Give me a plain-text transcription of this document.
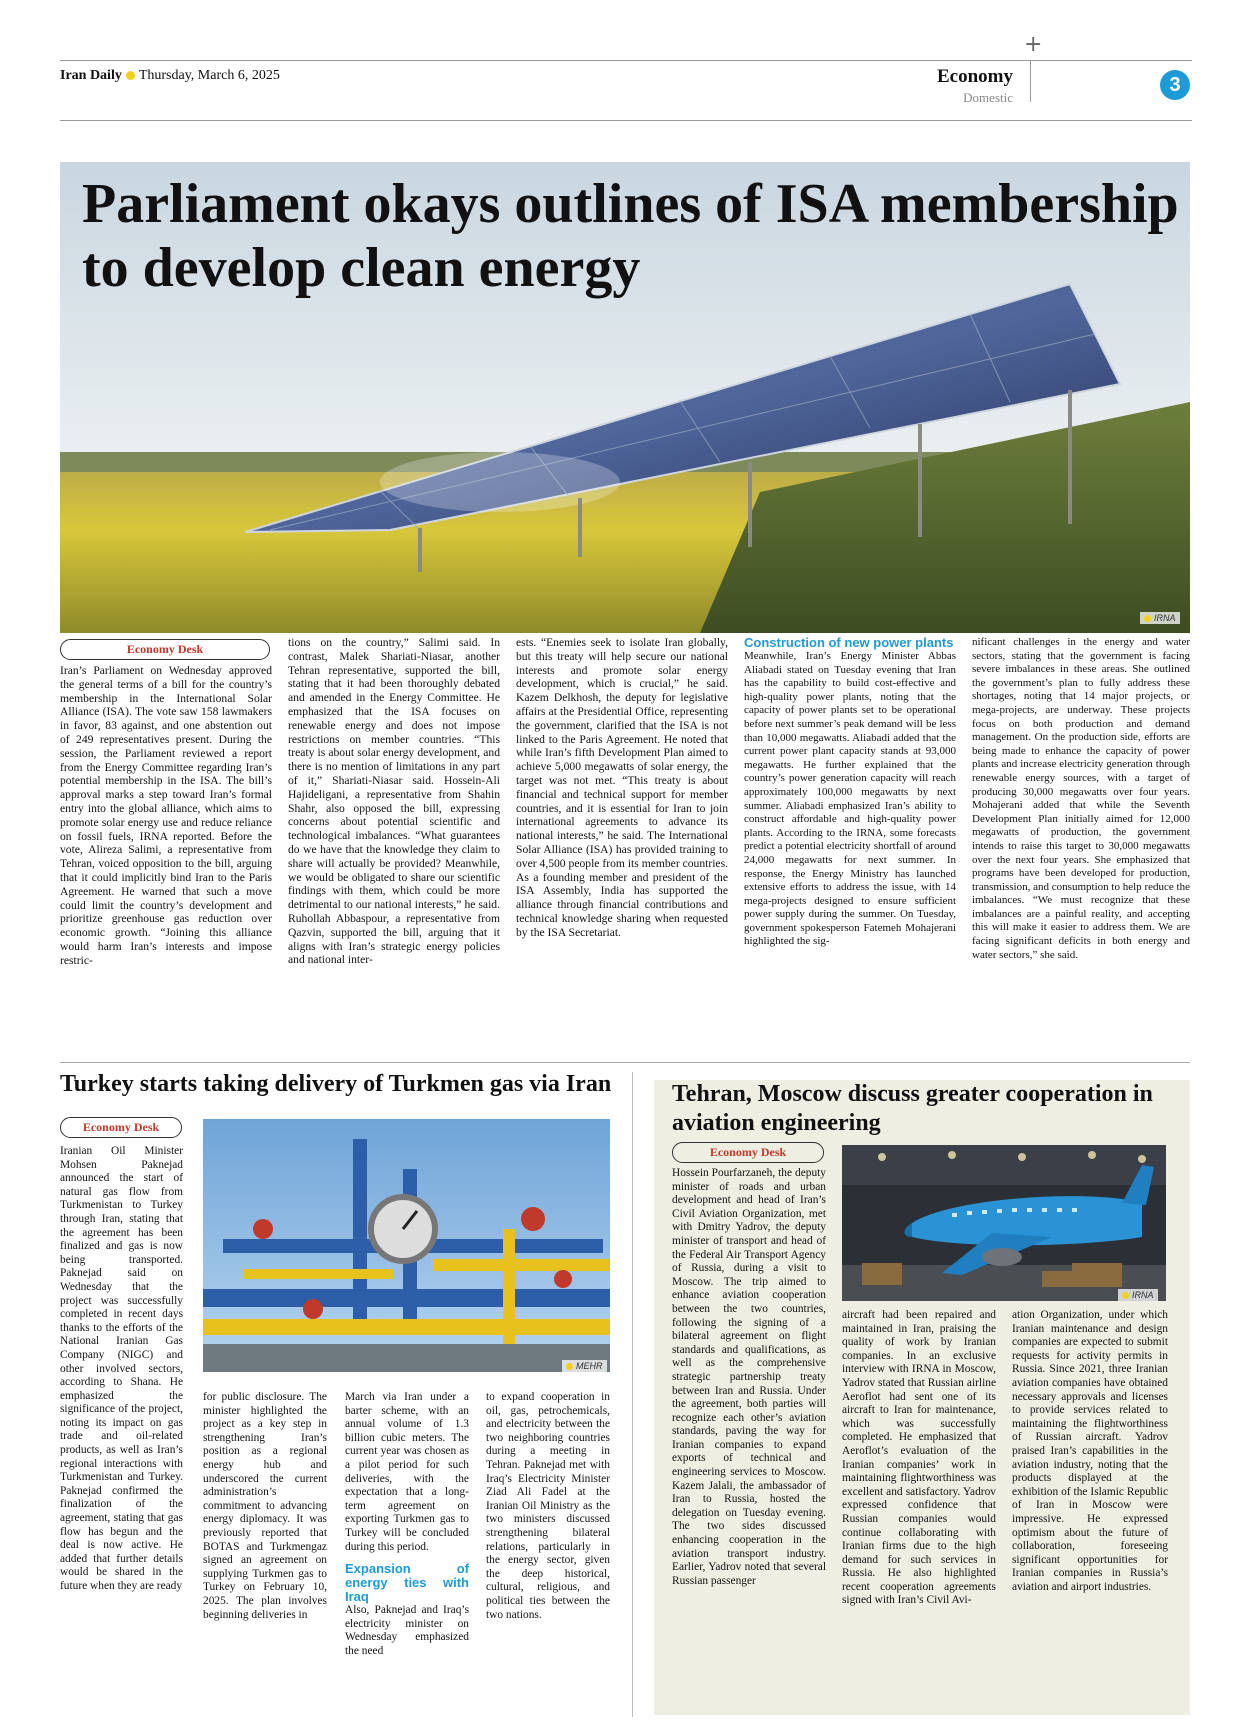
+
Iran Daily Thursday, March 6, 2025	Economy
Domestic
3
Parliament okays outlines of ISA membership to develop clean energy
IRNA
Economy Desk
Iran’s Parliament on Wednesday approved the general terms of a bill for the country’s membership in the International Solar Alliance (ISA). The vote saw 158 lawmakers in favor, 83 against, and one abstention out of 249 representatives present. During the session, the Parliament reviewed a report from the Energy Committee regarding Iran’s potential membership in the ISA. The bill’s approval marks a step toward Iran’s formal entry into the global alliance, which aims to promote solar energy use and reduce reliance on fossil fuels, IRNA reported. Before the vote, Alireza Salimi, a representative from Tehran, voiced opposition to the bill, arguing that it could implicitly bind Iran to the Paris Agreement. He warned that such a move could limit the country’s development and prioritize greenhouse gas reduction over economic growth. “Joining this alliance would harm Iran’s interests and impose restric-
tions on the country,” Salimi said. In contrast, Malek Shariati-Niasar, another Tehran representative, supported the bill, stating that it had been thoroughly debated and amended in the Energy Committee. He emphasized that the ISA focuses on renewable energy and does not impose restrictions on member countries. “This treaty is about solar energy development, and there is no mention of limitations in any part of it,” Shariati-Niasar said. Hossein-Ali Hajideligani, a representative from Shahin Shahr, also opposed the bill, expressing concerns about potential scientific and technological imbalances. “What guarantees do we have that the knowledge they claim to share will actually be provided? Meanwhile, we would be obligated to share our scientific findings with them, which could be more detrimental to our national interests,” he said. Ruhollah Abbaspour, a representative from Qazvin, supported the bill, arguing that it aligns with Iran’s strategic energy policies and national inter-
ests. “Enemies seek to isolate Iran globally, but this treaty will help secure our national interests and promote solar energy development, which is crucial,” he said. Kazem Delkhosh, the deputy for legislative affairs at the Presidential Office, representing the government, clarified that the ISA is not linked to the Paris Agreement. He noted that while Iran’s fifth Development Plan aimed to achieve 5,000 megawatts of solar energy, the target was not met. “This treaty is about financial and technical support for member countries, and it is essential for Iran to join international agreements to advance its national interests,” he said. The International Solar Alliance (ISA) has provided training to over 4,500 people from its member countries. As a founding member and president of the ISA Assembly, India has supported the alliance through financial contributions and technical knowledge sharing when requested by the ISA Secretariat.

Construction of new power plants

Meanwhile, Iran’s Energy Minister Abbas Aliabadi stated on Tuesday evening that Iran has the capability to build cost-effective and high-quality power plants, noting that the capacity of power plants set to be operational before next summer’s peak demand will be less than 10,000 megawatts. Aliabadi added that the current power plant capacity stands at 93,000 megawatts. He further explained that the country’s power generation capacity will reach approximately 100,000 megawatts by next summer. Aliabadi emphasized Iran’s ability to construct affordable and high-quality power plants. According to the IRNA, some forecasts predict a potential electricity shortfall of around 24,000 megawatts for next summer. In response, the Energy Ministry has launched extensive efforts to address the issue, with 14 mega-projects designed to ensure sufficient power supply during the summer. On Tuesday, government spokesperson Fatemeh Mohajerani highlighted the sig-

nificant challenges in the energy and water sectors, stating that the government is facing severe imbalances in these areas. She outlined the government’s plan to fully address these shortages, noting that 14 major projects, or mega-projects, are underway. These projects focus on both production and demand management. On the production side, efforts are being made to enhance the capacity of power plants and increase electricity generation through renewable energy sources, with a target of producing 30,000 megawatts over four years. Mohajerani added that while the Seventh Development Plan initially aimed for 12,000 megawatts of production, the government intends to raise this target to 30,000 megawatts over the next four years. She emphasized that programs have been developed for production, transmission, and consumption to help reduce the imbalances. “We must recognize that these imbalances are a painful reality, and accepting this will make it easier to address them. We are facing significant deficits in both energy and water sectors,” she said.
Turkey starts taking delivery of Turkmen gas via Iran
Economy Desk
MEHR
Iranian Oil Minister Mohsen Paknejad announced the start of natural gas flow from Turkmenistan to Turkey through Iran, stating that the agreement has been finalized and gas is now being transported. Paknejad said on Wednesday that the project was successfully completed in recent days thanks to the efforts of the National Iranian Gas Company (NIGC) and other involved sectors, according to Shana. He emphasized the significance of the project, noting its impact on gas trade and oil-related products, as well as Iran’s regional interactions with Turkmenistan and Turkey. Paknejad confirmed the finalization of the agreement, stating that gas flow has begun and the deal is now active. He added that further details would be shared in the future when they are ready
for public disclosure. The minister highlighted the project as a key step in strengthening Iran’s position as a regional energy hub and underscored the current administration’s commitment to advancing energy diplomacy. It was previously reported that BOTAS and Turkmengaz signed an agreement on supplying Turkmen gas to Turkey on February 10, 2025. The plan involves beginning deliveries in

March via Iran under a barter scheme, with an annual volume of 1.3 billion cubic meters. The current year was chosen as a pilot period for such deliveries, with the expectation that a long-term agreement on exporting Turkmen gas to Turkey will be concluded during this period.

Expansion of energy ties with Iraq

Also, Paknejad and Iraq’s electricity minister on Wednesday emphasized the need

to expand cooperation in oil, gas, petrochemicals, and electricity between the two neighboring countries during a meeting in Tehran. Paknejad met with Iraq’s Electricity Minister Ziad Ali Fadel at the Iranian Oil Ministry as the two ministers discussed strengthening bilateral relations, particularly in the energy sector, given the deep historical, cultural, religious, and political ties between the two nations.
Tehran, Moscow discuss greater cooperation in aviation engineering
Economy Desk
IRNA
Hossein Pourfarzaneh, the deputy minister of roads and urban development and head of Iran’s Civil Aviation Organization, met with Dmitry Yadrov, the deputy minister of transport and head of the Federal Air Transport Agency of Russia, during a visit to Moscow. The trip aimed to enhance aviation cooperation between the two countries, following the signing of a bilateral agreement on flight standards and qualifications, as well as the comprehensive strategic partnership treaty between Iran and Russia. Under the agreement, both parties will recognize each other’s aviation standards, paving the way for Iranian companies to expand exports of technical and engineering services to Moscow. Kazem Jalali, the ambassador of Iran to Russia, hosted the delegation on Tuesday evening. The two sides discussed enhancing cooperation in the aviation transport industry. Earlier, Yadrov noted that several Russian passenger
aircraft had been repaired and maintained in Iran, praising the quality of work by Iranian companies. In an exclusive interview with IRNA in Moscow, Yadrov stated that Russian airline Aeroflot had sent one of its aircraft to Iran for maintenance, which was successfully completed. He emphasized that Aeroflot’s evaluation of the Iranian companies’ work in maintaining flightworthiness was excellent and satisfactory. Yadrov expressed confidence that Russian companies would continue collaborating with Iranian firms due to the high demand for such services in Russia. He also highlighted recent cooperation agreements signed with Iran’s Civil Avi-
ation Organization, under which Iranian maintenance and design companies are expected to submit requests for activity permits in Russia. Since 2021, three Iranian aviation companies have obtained necessary approvals and licenses to provide services related to maintaining the flightworthiness of Russian aircraft. Yadrov praised Iran’s capabilities in the aviation industry, noting that the products displayed at the exhibition of the Islamic Republic of Iran in Moscow were impressive. He expressed optimism about the future of collaboration, foreseeing significant opportunities for Iranian companies in Russia’s aviation and airport industries.
